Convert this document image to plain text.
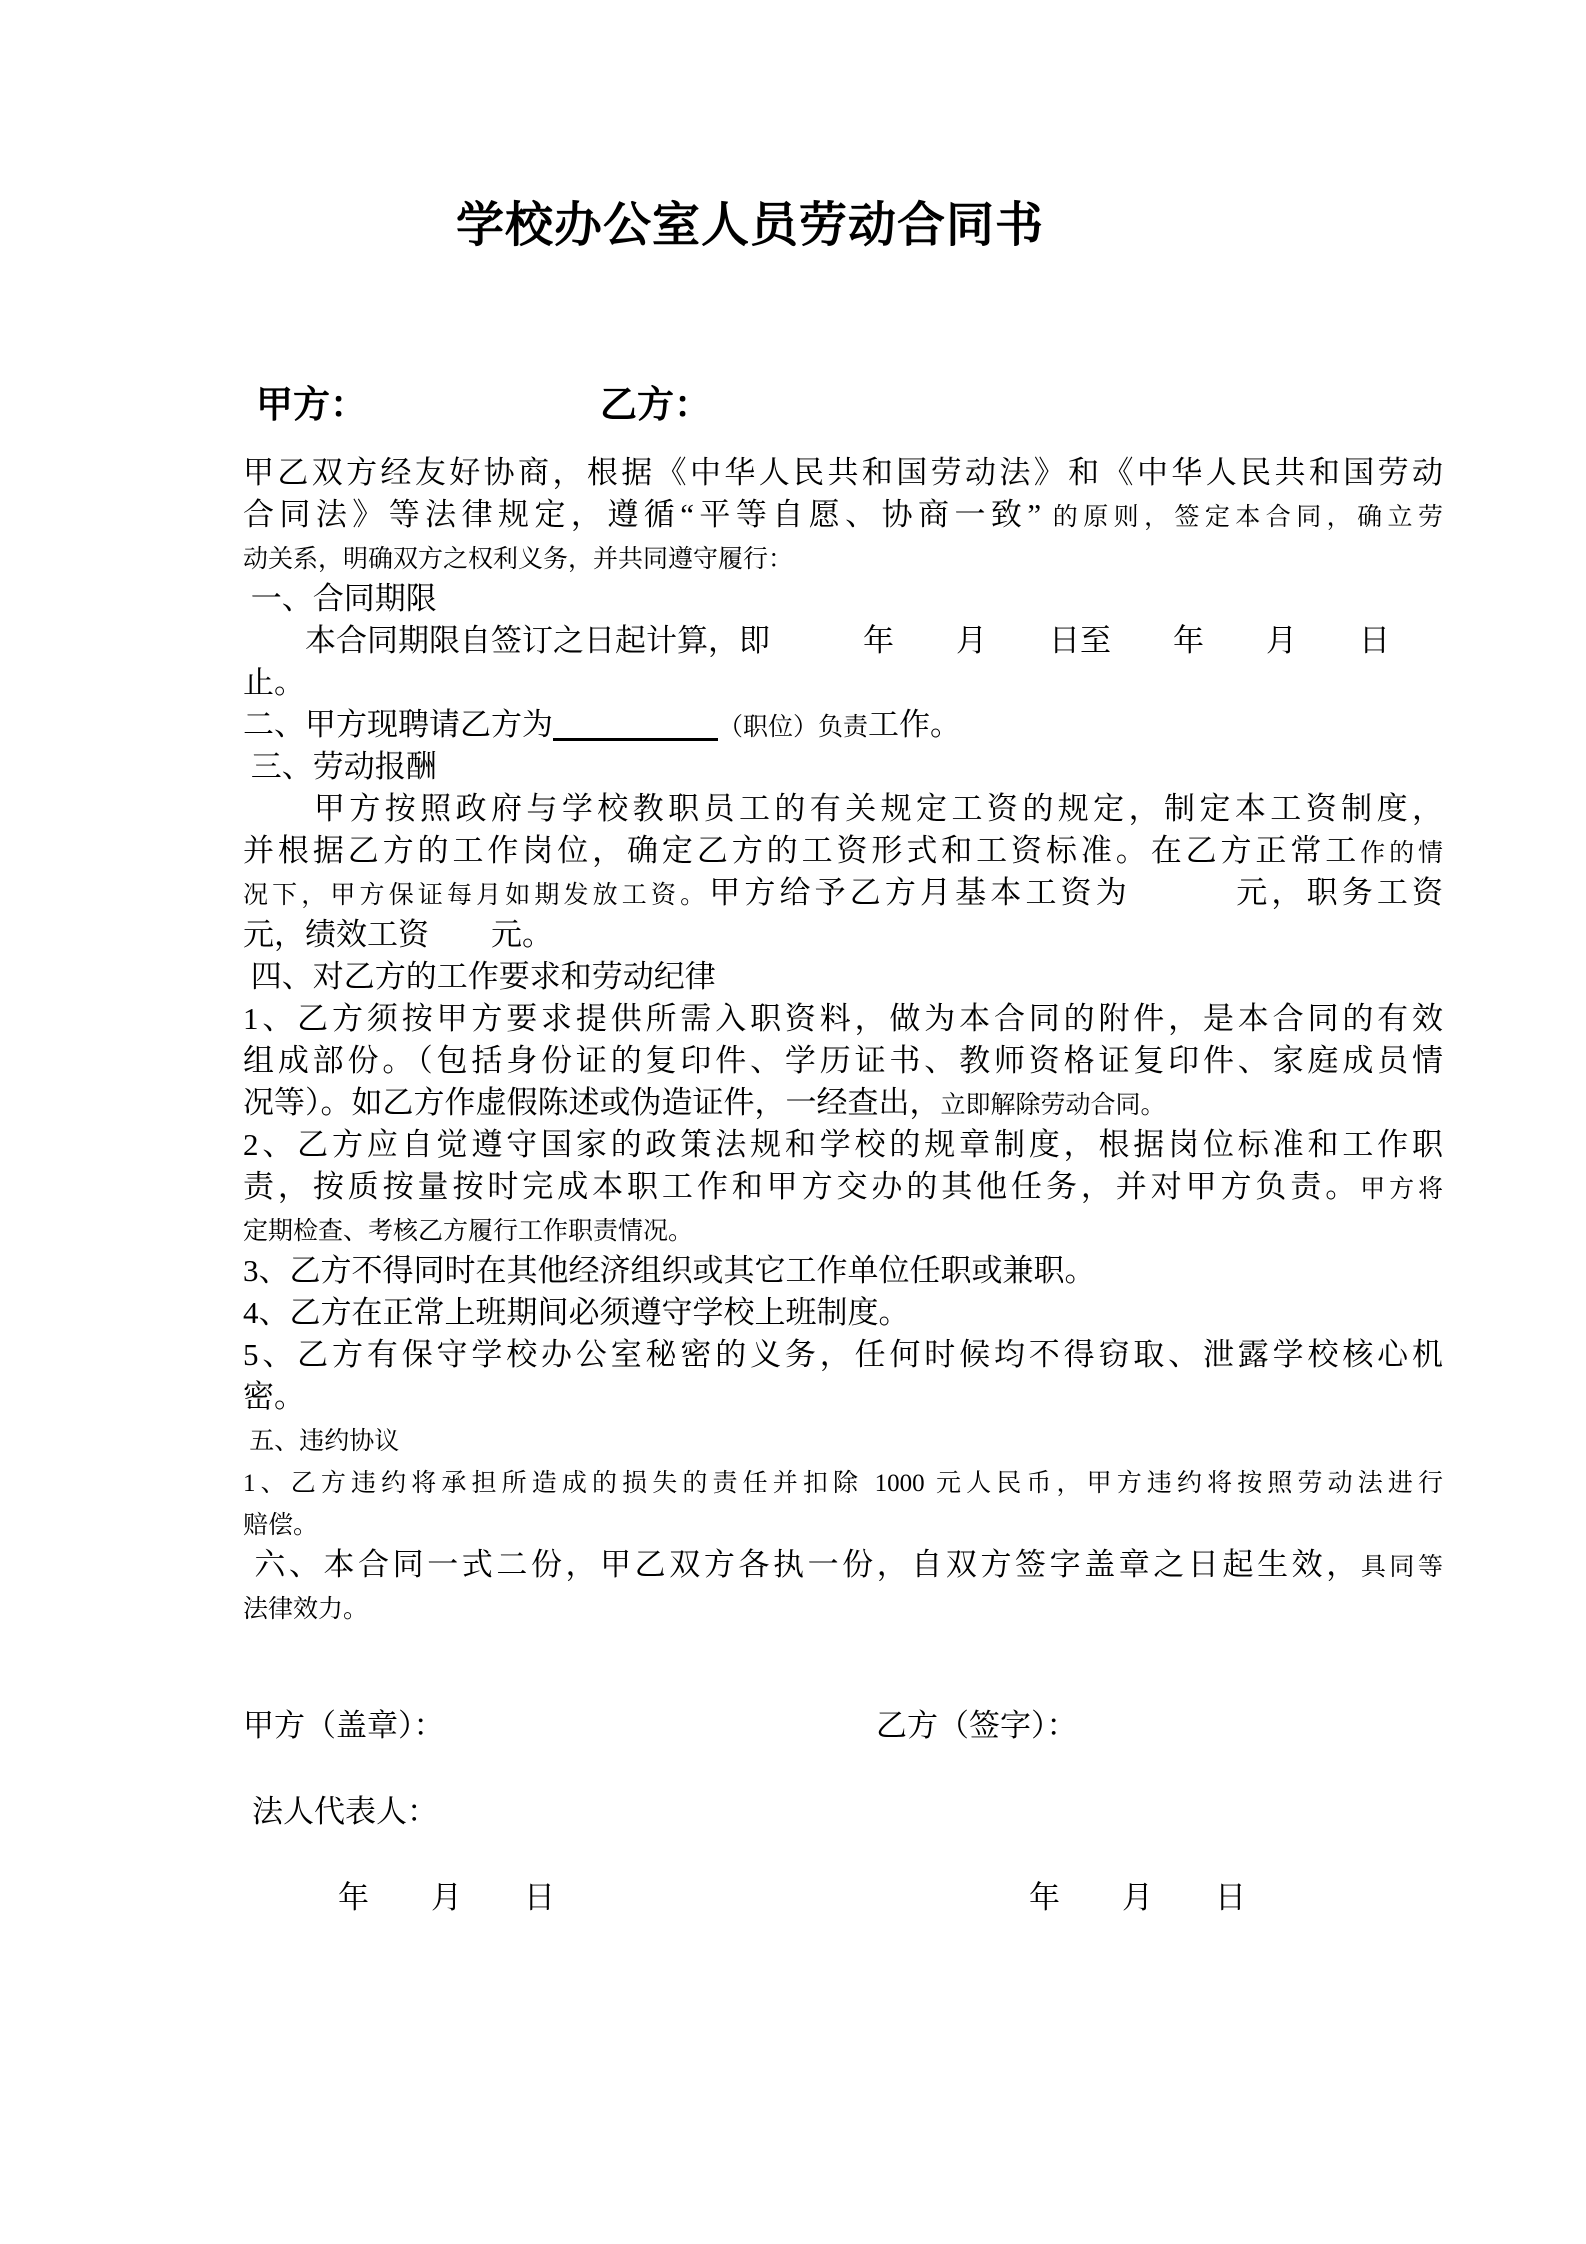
学校办公室人员劳动合同书
甲方：	乙方：
甲乙双方经友好协商，根据《中华人民共和国劳动法》和《中华人民共和国劳动
合同法》等法律规定，遵循“平等自愿、协商一致” 的原则，签定本合同，确立劳
动关系，明确双方之权利义务，并共同遵守履行：
一、合同期限
　　本合同期限自签订之日起计算，即　　　年　　月　　日至　　年　　月　　日
止。
二、甲方现聘请乙方为	（职位）负责工作。
三、劳动报酬
　　甲方按照政府与学校教职员工的有关规定工资的规定，制定本工资制度，
并根据乙方的工作岗位，确定乙方的工资形式和工资标准。在乙方正常工作的情
况下，甲方保证每月如期发放工资。甲方给予乙方月基本工资为　　　元，职务工资
元，绩效工资　　元。
四、对乙方的工作要求和劳动纪律
1、乙方须按甲方要求提供所需入职资料，做为本合同的附件，是本合同的有效
组成部份。（包括身份证的复印件、学历证书、教师资格证复印件、家庭成员情
况等）。如乙方作虚假陈述或伪造证件，一经查出，立即解除劳动合同。
2、乙方应自觉遵守国家的政策法规和学校的规章制度，根据岗位标准和工作职
责，按质按量按时完成本职工作和甲方交办的其他任务，并对甲方负责。甲方将
定期检查、考核乙方履行工作职责情况。
3、乙方不得同时在其他经济组织或其它工作单位任职或兼职。
4、乙方在正常上班期间必须遵守学校上班制度。
5、乙方有保守学校办公室秘密的义务，任何时候均不得窃取、泄露学校核心机
密。
五、违约协议
1、乙方违约将承担所造成的损失的责任并扣除 1000 元人民币，甲方违约将按照劳动法进行
赔偿。
六、本合同一式二份，甲乙双方各执一份，自双方签字盖章之日起生效，具同等
法律效力。
甲方（盖章）：	乙方（签字）：
法人代表人：
年　　月　　日	年　　月　　日
